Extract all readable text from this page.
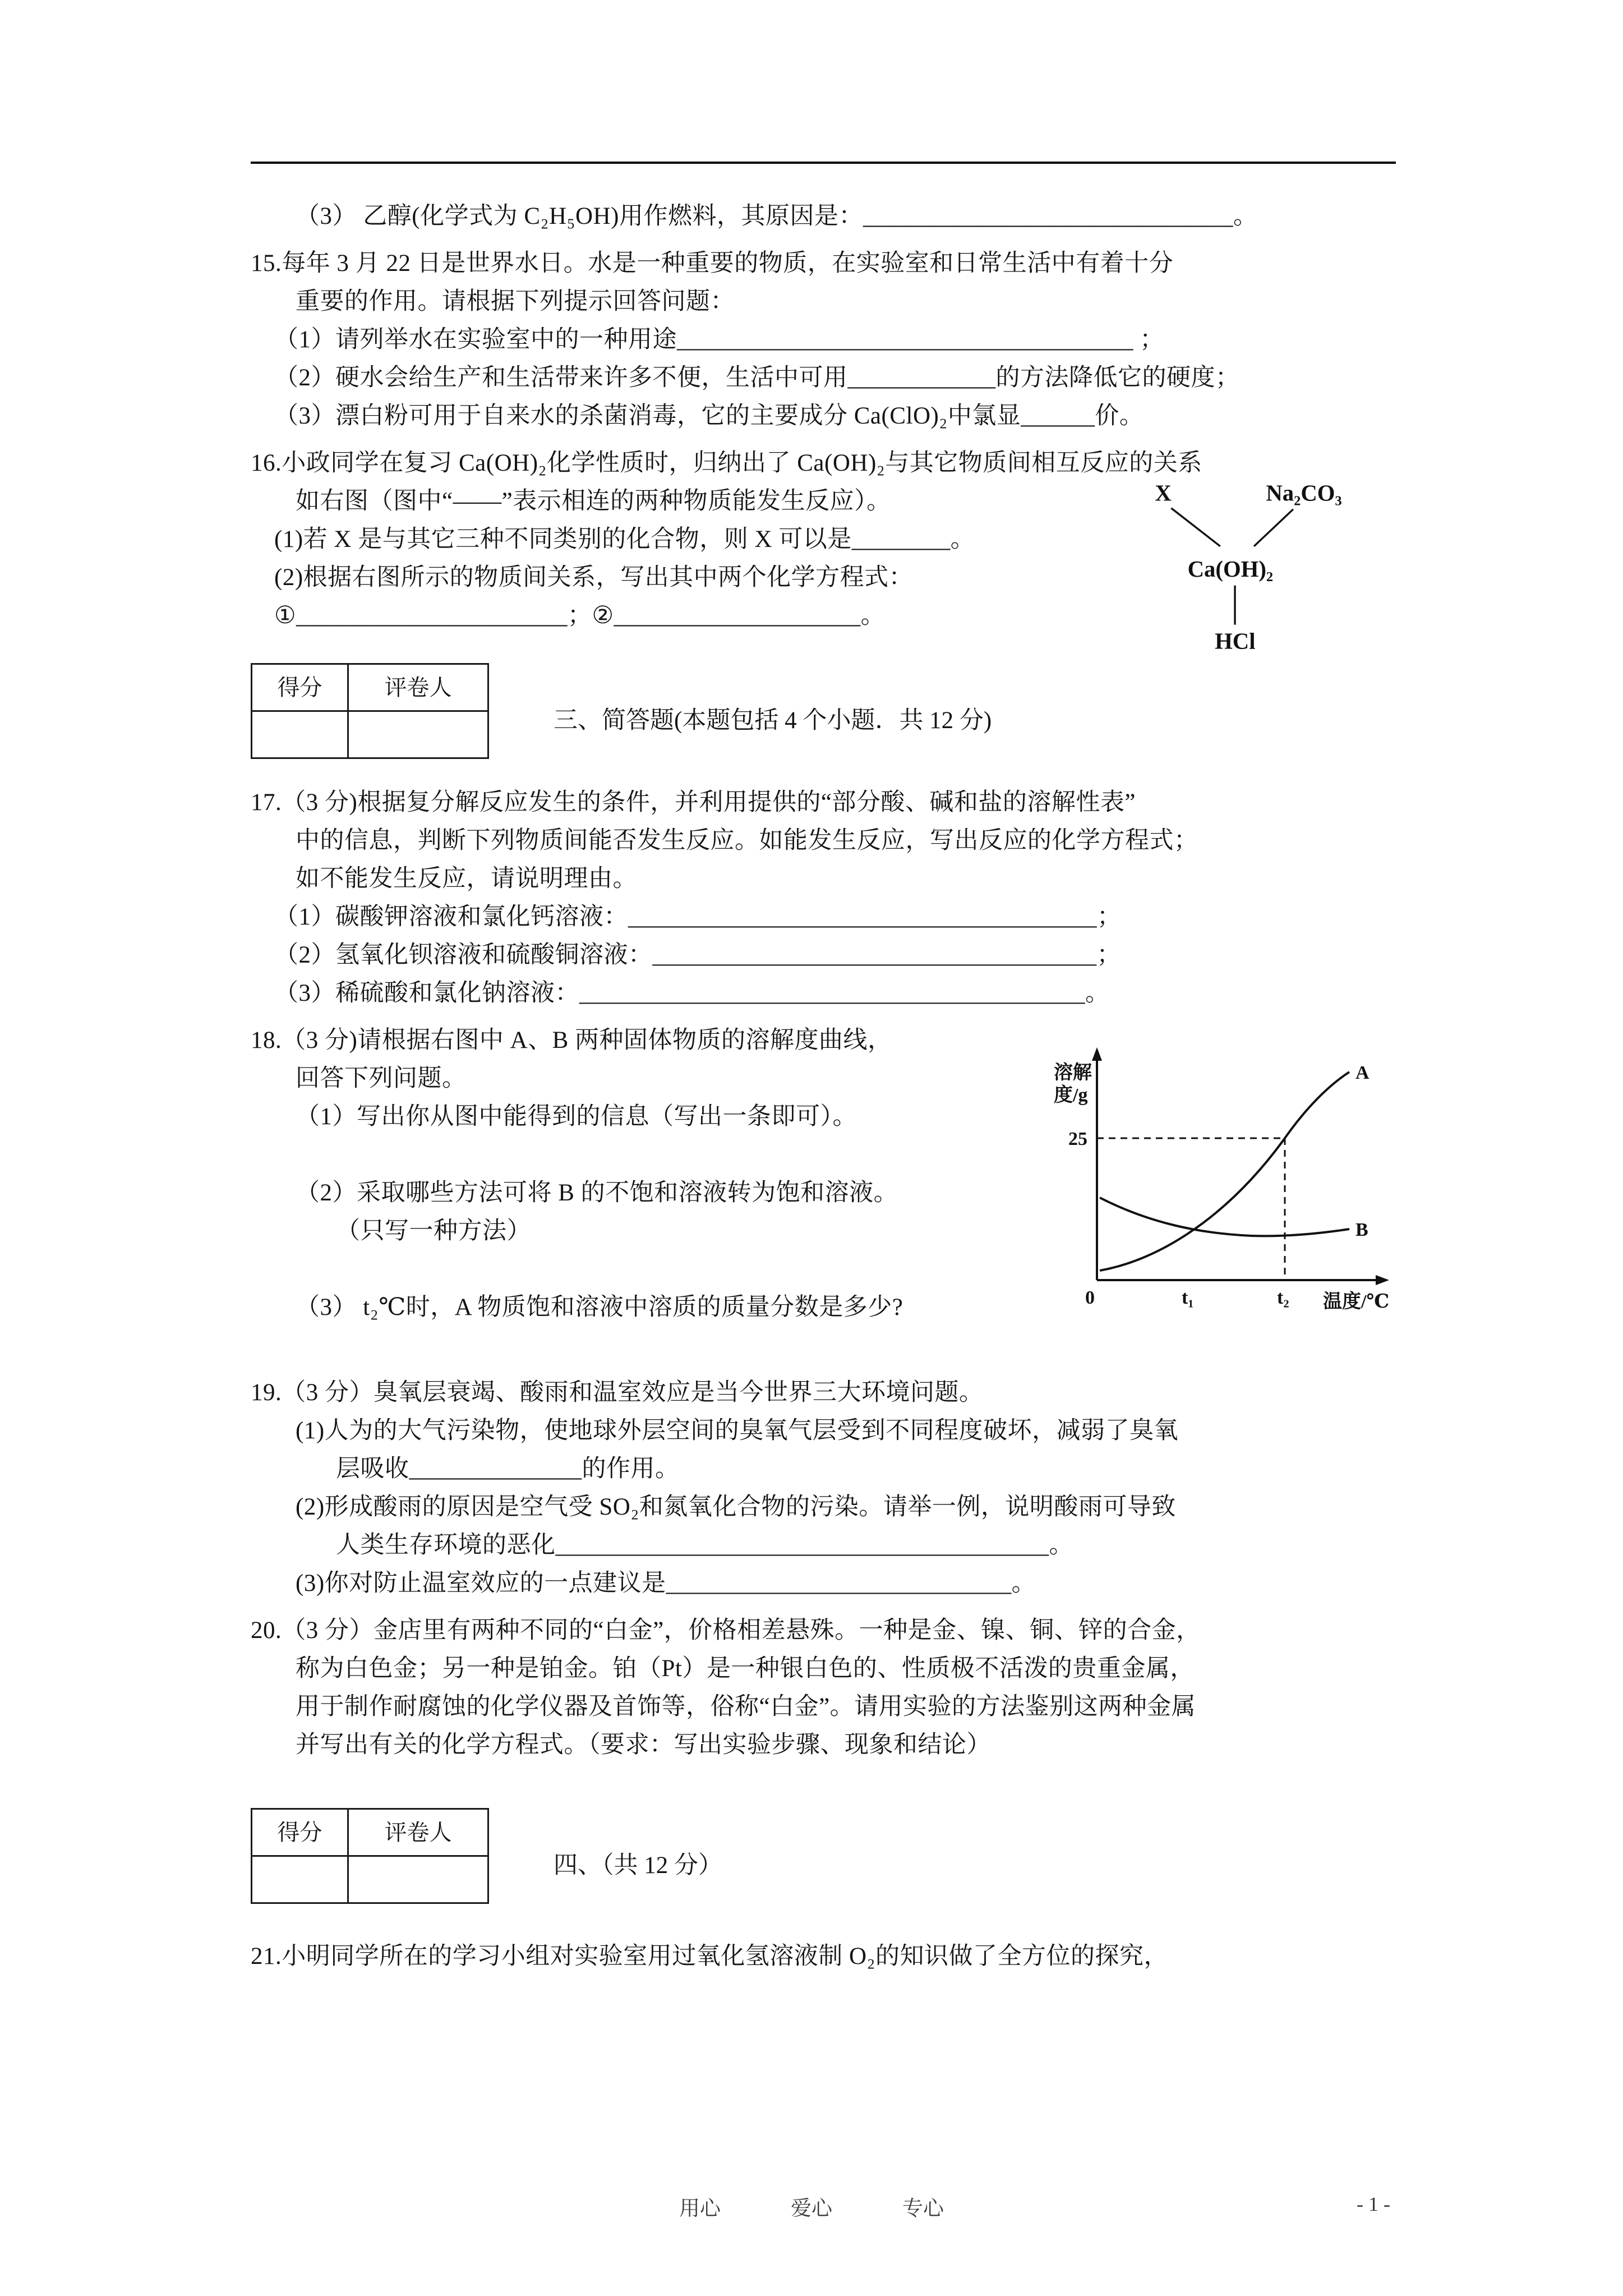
（3） 乙醇(化学式为 C₂H₅OH)用作燃料，其原因是：______________________________。

15.每年 3 月 22 日是世界水日。水是一种重要的物质，在实验室和日常生活中有着十分

重要的作用。请根据下列提示回答问题：

（1）请列举水在实验室中的一种用途_____________________________________ ；

（2）硬水会给生产和生活带来许多不便，生活中可用____________的方法降低它的硬度；

（3）漂白粉可用于自来水的杀菌消毒，它的主要成分 Ca(ClO)₂中氯显______价。

16.小政同学在复习 Ca(OH)₂化学性质时，归纳出了 Ca(OH)₂与其它物质间相互反应的关系

如右图（图中“——”表示相连的两种物质能发生反应）。

(1)若 X 是与其它三种不同类别的化合物，则 X 可以是________。

(2)根据右图所示的物质间关系，写出其中两个化学方程式：

①______________________；②____________________。

X	Na₂CO₃
Ca(OH)₂
HCl
得分	评卷人

三、简答题(本题包括 4 个小题．共 12 分)

17.（3 分)根据复分解反应发生的条件，并利用提供的“部分酸、碱和盐的溶解性表”

中的信息，判断下列物质间能否发生反应。如能发生反应，写出反应的化学方程式；

如不能发生反应，请说明理由。

（1）碳酸钾溶液和氯化钙溶液：______________________________________；

（2）氢氧化钡溶液和硫酸铜溶液：____________________________________；

（3）稀硫酸和氯化钠溶液：_________________________________________。

18.（3 分)请根据右图中 A、B 两种固体物质的溶解度曲线，

回答下列问题。

（1）写出你从图中能得到的信息（写出一条即可）。

（2）采取哪些方法可将 B 的不饱和溶液转为饱和溶液。

（只写一种方法）

（3） t₂℃时，A 物质饱和溶液中溶质的质量分数是多少?

溶解
度/g
25
A
B
0	t₁	t₂ 温度/℃

19.（3 分）臭氧层衰竭、酸雨和温室效应是当今世界三大环境问题。

(1)人为的大气污染物，使地球外层空间的臭氧气层受到不同程度破坏，减弱了臭氧

层吸收______________的作用。

(2)形成酸雨的原因是空气受 SO₂和氮氧化合物的污染。请举一例，说明酸雨可导致

人类生存环境的恶化________________________________________。

(3)你对防止温室效应的一点建议是____________________________。

20.（3 分）金店里有两种不同的“白金”，价格相差悬殊。一种是金、镍、铜、锌的合金，

称为白色金；另一种是铂金。铂（Pt）是一种银白色的、性质极不活泼的贵重金属，

用于制作耐腐蚀的化学仪器及首饰等，俗称“白金”。请用实验的方法鉴别这两种金属

并写出有关的化学方程式。（要求：写出实验步骤、现象和结论）

得分	评卷人

四、（共 12 分）

21.小明同学所在的学习小组对实验室用过氧化氢溶液制 O₂的知识做了全方位的探究，

用心	爱心	专心	- 1 -
